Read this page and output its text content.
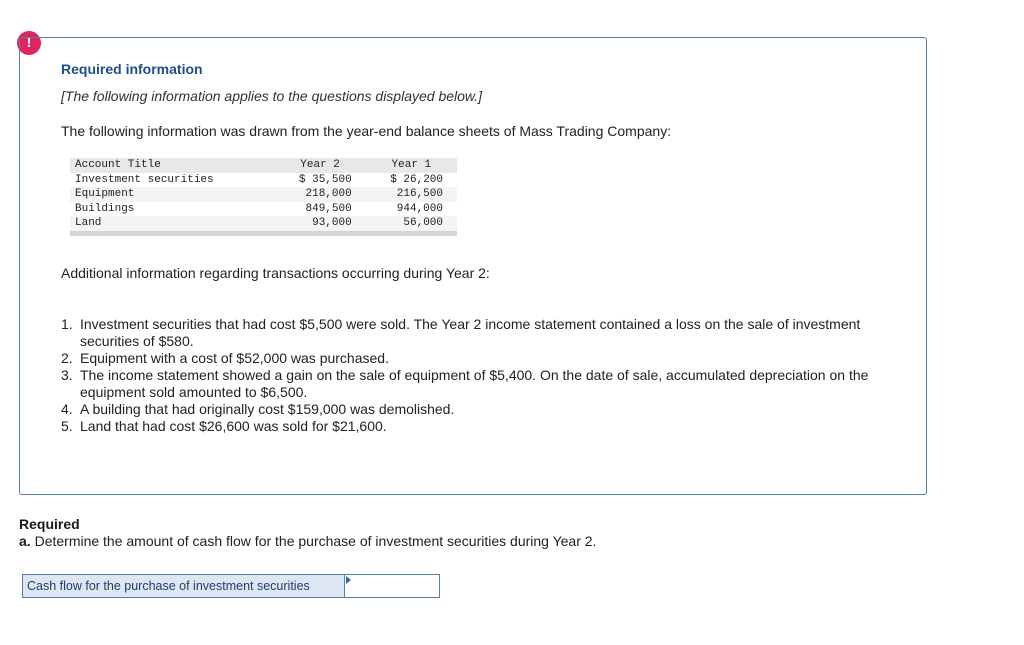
!
Required information
[The following information applies to the questions displayed below.]
The following information was drawn from the year-end balance sheets of Mass Trading Company:
Account Title	Year 2	Year 1
Investment securities	$ 35,500	$ 26,200
Equipment	218,000	216,500
Buildings	849,500	944,000
Land	93,000	56,000

Additional information regarding transactions occurring during Year 2:
1. Investment securities that had cost $5,500 were sold. The Year 2 income statement contained a loss on the sale of investment securities of $580.
2. Equipment with a cost of $52,000 was purchased.
3. The income statement showed a gain on the sale of equipment of $5,400. On the date of sale, accumulated depreciation on the equipment sold amounted to $6,500.
4. A building that had originally cost $159,000 was demolished.
5. Land that had cost $26,600 was sold for $21,600.
Required
a. Determine the amount of cash flow for the purchase of investment securities during Year 2.
Cash flow for the purchase of investment securities
